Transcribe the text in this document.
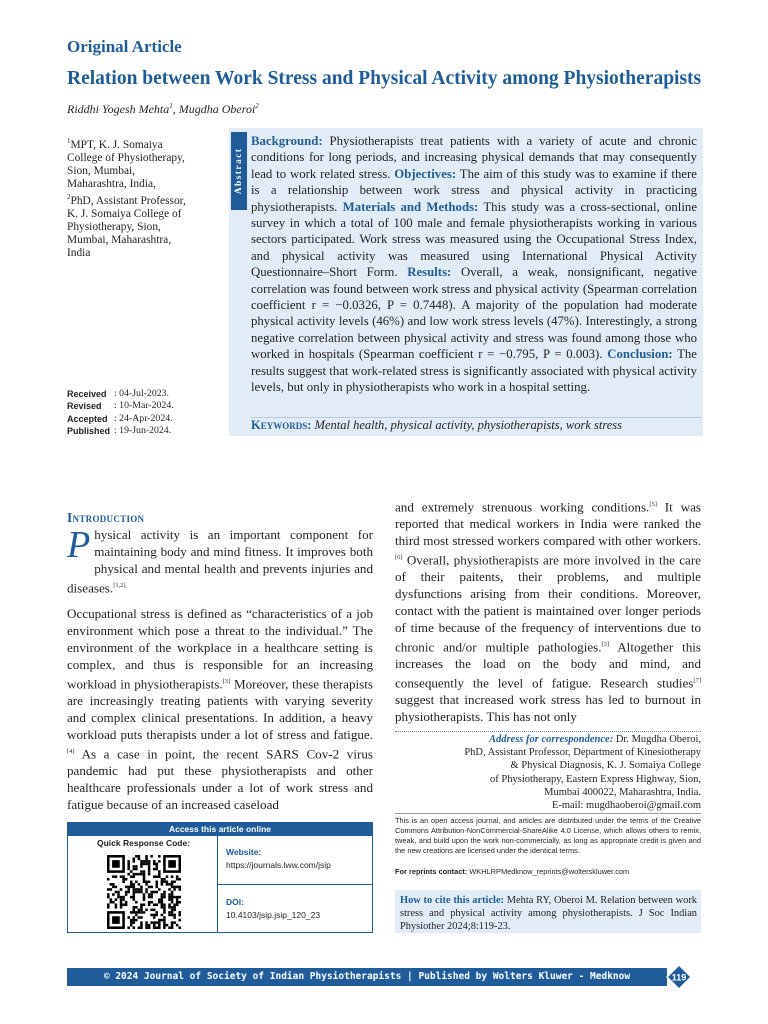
Original Article
Relation between Work Stress and Physical Activity among Physiotherapists
Riddhi Yogesh Mehta$^1$, Mugdha Oberoi$^2$

$^1$MPT, K. J. Somaiya College of Physiotherapy, Sion, Mumbai, Maharashtra, India,

$^2$PhD, Assistant Professor, K. J. Somaiya College of Physiotherapy, Sion, Mumbai, Maharashtra, India

Received : 04-Jul-2023.
Revised	: 10-Mar-2024.
Accepted : 24-Apr-2024.
Published : 19-Jun-2024.
Abstract
Background: Physiotherapists treat patients with a variety of acute and chronic conditions for long periods, and increasing physical demands that may consequently lead to work related stress. Objectives: The aim of this study was to examine if there is a relationship between work stress and physical activity in practicing physiotherapists. Materials and Methods: This study was a cross-sectional, online survey in which a total of 100 male and female physiotherapists working in various sectors participated. Work stress was measured using the Occupational Stress Index, and physical activity was measured using International Physical Activity Questionnaire–Short Form. Results: Overall, a weak, nonsignificant, negative correlation was found between work stress and physical activity (Spearman correlation coefficient r = −0.0326, P = 0.7448). A majority of the population had moderate physical activity levels (46%) and low work stress levels (47%). Interestingly, a strong negative correlation between physical activity and stress was found among those who worked in hospitals (Spearman coefficient r = −0.795, P = 0.003). Conclusion: The results suggest that work-related stress is significantly associated with physical activity levels, but only in physiotherapists who work in a hospital setting.
Keywords: Mental health, physical activity, physiotherapists, work stress
Introduction

Physical activity is an important component for maintaining body and mind fitness. It improves both physical and mental health and prevents injuries and diseases.[1,2]

Occupational stress is defined as “characteristics of a job environment which pose a threat to the individual.” The environment of the workplace in a healthcare setting is complex, and thus is responsible for an increasing workload in physiotherapists.[3] Moreover, these therapists are increasingly treating patients with varying severity and complex clinical presentations. In addition, a heavy workload puts therapists under a lot of stress and fatigue.[4] As a case in point, the recent SARS Cov-2 virus pandemic had put these physiotherapists and other healthcare professionals under a lot of work stress and fatigue because of an increased caseload

and extremely strenuous working conditions.[5] It was reported that medical workers in India were ranked the third most stressed workers compared with other workers.[6] Overall, physiotherapists are more involved in the care of their paitents, their problems, and multiple dysfunctions arising from their conditions. Moreover, contact with the patient is maintained over longer periods of time because of the frequency of interventions due to chronic and/or multiple pathologies.[3] Altogether this increases the load on the body and mind, and consequently the level of fatigue. Research studies[7] suggest that increased work stress has led to burnout in physiotherapists. This has not only

Address for correspondence: Dr. Mugdha Oberoi,
PhD, Assistant Professor, Department of Kinesiotherapy
& Physical Diagnosis, K. J. Somaiya College
of Physiotherapy, Eastern Express Highway, Sion,
Mumbai 400022, Maharashtra, India.
E-mail: mugdhaoberoi@gmail.com
Access this article online
Quick Response Code:
Website:
https://journals.lww.com/jsip
DOI:
10.4103/jsip.jsip_120_23
This is an open access journal, and articles are distributed under the terms of the Creative Commons Attribution-NonCommercial-ShareAlike 4.0 License, which allows others to remix, tweak, and build upon the work non-commercially, as long as appropriate credit is given and the new creations are licensed under the identical terms.
For reprints contact: WKHLRPMedknow_reprints@wolterskluwer.com
How to cite this article: Mehta RY, Oberoi M. Relation between work stress and physical activity among physiotherapists. J Soc Indian Physiother 2024;8:119-23.
© 2024 Journal of Society of Indian Physiotherapists | Published by Wolters Kluwer - Medknow	119
